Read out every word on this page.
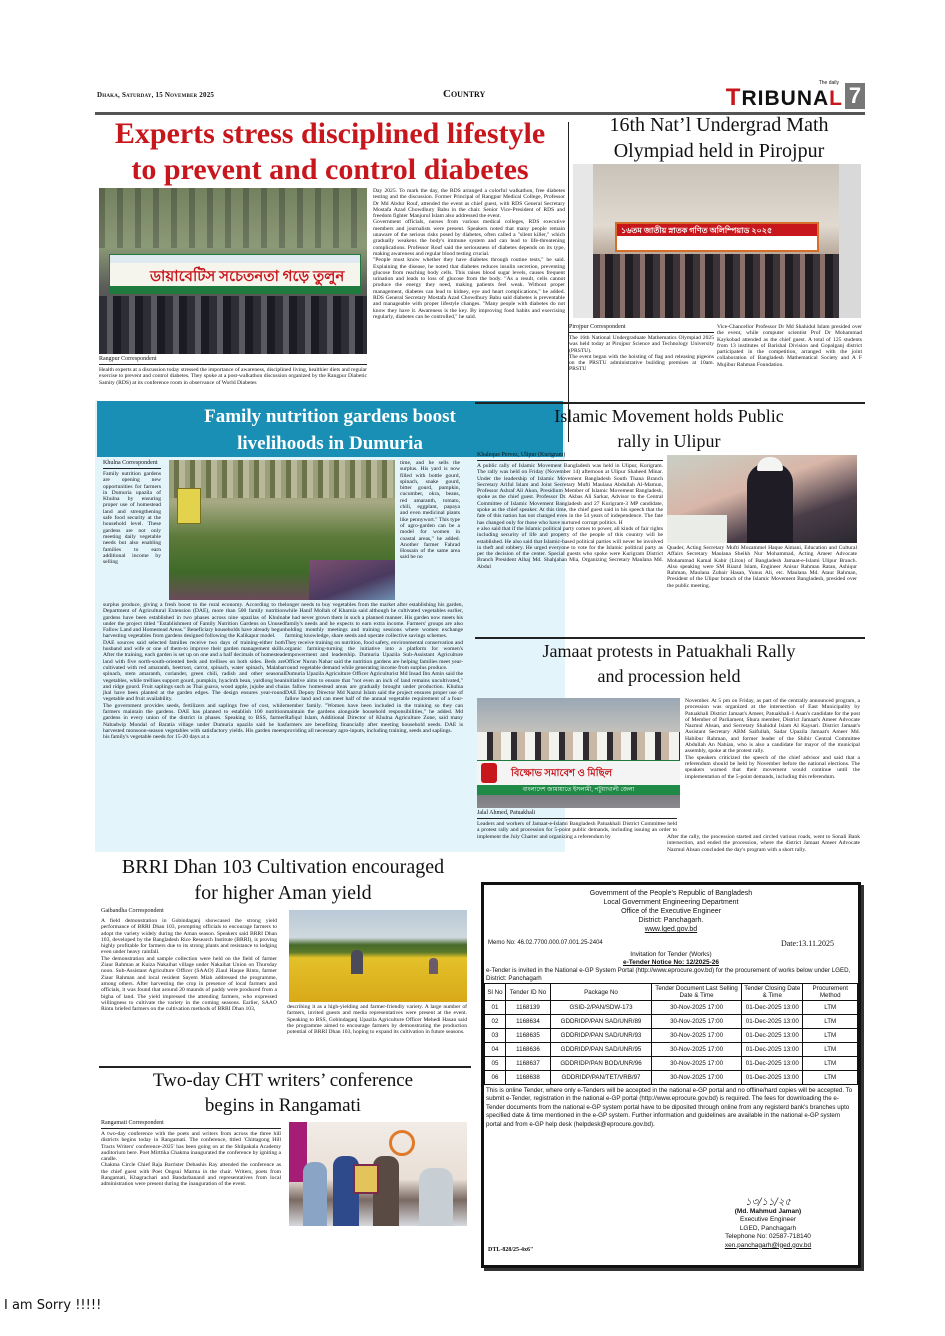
Dhaka, Saturday, 15 November 2025	Country
The daily
TRIBUNAL 7
Experts stress disciplined lifestyle
to prevent and control diabetes
ডায়াবেটিস সচেতনতা গড়ে তুলুন
Rangpur Correspondent
Health experts at a discussion today stressed the importance of awareness, disciplined living, healthier diets and regular exercise to prevent and control diabetes. They spoke at a post-walkathon discussion organized by the Rangpur Diabetic Samity (RDS) at its conference room in observance of World Diabetes

Day 2025. To mark the day, the RDS arranged a colorful walkathon, free diabetes testing and the discussion. Former Principal of Rangpur Medical College, Professor Dr Md Abdur Rouf, attended the event as chief guest, with RDS General Secretary Mostafa Azad Chowdhury Babu in the chair. Senior Vice-President of RDS and freedom fighter Manjurul Islam also addressed the event.

Government officials, nurses from various medical colleges, RDS executive members and journalists were present. Speakers noted that many people remain unaware of the serious risks posed by diabetes, often called a "silent killer," which gradually weakens the body's immune system and can lead to life-threatening complications. Professor Rouf said the seriousness of diabetes depends on its type, making awareness and regular blood testing crucial.

"People must know whether they have diabetes through routine tests," he said. Explaining the disease, he noted that diabetes reduces insulin secretion, preventing glucose from reaching body cells. This raises blood sugar levels, causes frequent urination and leads to loss of glucose from the body. "As a result, cells cannot produce the energy they need, making patients feel weak. Without proper management, diabetes can lead to kidney, eye and heart complications," he added. RDS General Secretary Mostafa Azad Chowdhury Babu said diabetes is preventable and manageable with proper lifestyle changes. "Many people with diabetes do not know they have it. Awareness is the key. By improving food habits and exercising regularly, diabetes can be controlled," he said.

16th Nat’l Undergrad Math
Olympiad held in Pirojpur
১৬তম জাতীয় স্নাতক গণিত অলিম্পিয়াড ২০২৫
Pirojpur Correspondent

The 16th National Undergraduate Mathematics Olympiad 2025 was held today at Pirojpur Science and Technology University (PRSTU).

The event began with the hoisting of flag and releasing pigeons on the PRSTU administrative building premises at 10am. PRSTU

Vice-Chancellor Professor Dr Md Shahidul Islam presided over the event, while computer scientist Prof Dr Mohammad Kaykobad attended as the chief guest. A total of 125 students from 13 institutes of Barishal Division and Gopalganj district participated in the competition, arranged with the joint collaboration of Bangladesh Mathematical Society and A F Mujibur Rahman Foundation.
Family nutrition gardens boost
livelihoods in Dumuria
Khulna Correspondent
Family nutrition gardens are opening new opportunities for farmers in Dumuria upazila of Khulna by ensuring proper use of homestead land and strengthening safe food security at the household level. These gardens are not only meeting daily vegetable needs but also enabling families to earn additional income by selling
time, and he sells the surplus. His yard is now filled with bottle gourd, spinach, snake gourd, bitter gourd, pumpkin, cucumber, okra, beans, red amaranth, tomato, chili, eggplant, papaya and even medicinal plants like pennywort." This type of agro-garden can be a model for women in coastal areas," he added. Another farmer Fahrad Hossain of the same area said he no

surplus produce, giving a fresh boost to the rural economy. According to the Department of Agricultural Extension (DAE), more than 500 family nutrition gardens have been established in two phases across nine upazilas of Khulna under the project titled "Establishment of Family Nutrition Gardens on Unused Fallow Land and Homestead Areas." Beneficiary households have already begun harvesting vegetables from gardens designed following the Kalikapur model.

DAE sources said selected families receive two days of training-either both husband and wife or one of them-to improve their garden management skills. After the training, each garden is set up on one and a half decimals of homestead land with five north-south-oriented beds and trellises on both sides. Beds are cultivated with red amaranth, beetroot, carrot, spinach, water spinach, Malabar spinach, stem amaranth, coriander, green chili, radish and other seasonal vegetables, while trellises support gourd, pumpkin, hyacinth bean, yardlong bean and ridge gourd. Fruit saplings such as Thai guava, wood apple, jujube and chui jhal have been planted at the garden edges. The design ensures year-round vegetable and fruit availability.

The government provides seeds, fertilizers and saplings free of cost, while farmers maintain the gardens. DAE has planned to establish 100 nutrition gardens in every union of the district in phases. Speaking to BSS, farmer Nabadwip Mondal of Baratia village under Dumuria upazila said he has harvested monsoon-season vegetables with satisfactory yields. His garden meets his family's vegetable needs for 15-20 days at a

longer needs to buy vegetables from the market after establishing his garden, while Hanif Mollah of Kharnia said although he cultivated vegetables earlier, he had never grown them in such a planned manner. His garden now meets his family's needs and he expects to earn extra income. Farmers' groups are also holding monthly meetings and training sessions where women exchange farming knowledge, share seeds and operate collective savings schemes.

They receive training on nutrition, food safety, environmental conservation and organic farming-turning the initiative into a platform for women's empowerment and leadership. Dumuria Upazila Sub-Assistant Agriculture Officer Nurun Nahar said the nutrition gardens are helping families meet year-round vegetable demand while generating income from surplus produce.

Dumuria Upazila Agriculture Officer Agriculturist Md Insad Ibn Amin said the initiative aims to ensure that "not even an inch of land remains uncultivated," as fallow homestead areas are gradually brought under production. Khulna DAE Deputy Director Md Nazrul Islam said the project ensures proper use of fallow land and can meet half of the annual vegetable requirement of a four-member family. "Women have been included in the training so they can maintain the gardens alongside household responsibilities," he added. Md Rafiqul Islam, Additional Director of Khulna Agriculture Zone, said many farmers are benefiting financially after meeting household needs. DAE is providing all necessary agro-inputs, including training, seeds and saplings.

Islamic Movement holds Public
rally in Ulipur
Khaleque Pervez, Ulipur (Kurigram)

A public rally of Islamic Movement Bangladesh was held in Ulipur, Kurigram. The rally was held on Friday (November 14) afternoon at Ulipur Shaheed Minar. Under the leadership of Islamic Movement Bangladesh South Thana Branch Secretary Ariful Islam and Joint Secretary Mufti Maulana Abdullah Al-Mamun, Professor Ashraf Ali Akon, Presidium Member of Islamic Movement Bangladesh, spoke as the chief guest. Professor Dr. Akbas Ali Sarkar, Advisor to the Central Committee of Islamic Movement Bangladesh and 27 Kurigram-3 MP candidate, spoke as the chief speaker. At this time, the chief guest said in his speech that the fate of this nation has not changed even in the 54 years of independence. The fate has changed only for those who have nurtured corrupt politics. H

e also said that if the Islamic political party comes to power, all kinds of fair rights including security of life and property of the people of this country will be established. He also said that Islamic-based political parties will never be involved in theft and robbery. He urged everyone to vote for the Islamic political party as per the decision of the center. Special guests who spoke were Kurigram District Branch President Alhaj Md. Shahjahan Mia, Organizing Secretary Maulana Md. Abdul

Quader, Acting Secretary Mufti Mozammel Haque Aimani, Education and Cultural Affairs Secretary Maulana Sheikh Nur Mohammad, Acting Ameer Advocate Mohammad Kamal Kabir (Liton) of Bangladesh Jamaat-e-Islami Ulipur Branch. Also speaking were SM Riazul Islam, Engineer Anisur Rahman Ratan, Ashiqur Rahman, Maulana Zubair Hasan, Yunus Ali, etc. Maulana Md. Ataur Rahman, President of the Ulipur branch of the Islamic Movement Bangladesh, presided over the public meeting.
Jamaat protests in Patuakhali Rally
and procession held
বিক্ষোভ সমাবেশ ও মিছিল
বাংলাদেশ জামায়াতে ইসলামী, পটুয়াখালী জেলা
Jalal Ahmed, Patuakhali
Leaders and workers of Jamaat-e-Islami Bangladesh Patuakhali District Committee held a protest rally and procession for 5-point public demands, including issuing an order to implement the July Charter and organizing a referendum by

November. At 5 pm on Friday, as part of the centrally announced program, a procession was organized at the intersection of East Municipality by Patuakhali District Jamaat's Ameer, Patuakhali-1 Asan's candidate for the post of Member of Parliament, Shura member, District Jamaat's Ameer Advocate Nazmul Ahsan, and Secretary Shahidul Islam Al Kaysari. District Jamaat's Assistant Secretary ABM Saifullah, Sadar Upazila Jamaat's Ameer Md. Habibur Rahman, and former leader of the Shibir Central Committee Abdullah An Nahian, who is also a candidate for mayor of the municipal assembly, spoke at the protest rally.

The speakers criticized the speech of the chief advisor and said that a referendum should be held by November before the national elections. The speakers warned that their movement would continue until the implementation of the 5-point demands, including this referendum.

After the rally, the procession started and circled various roads, went to Sonali Bank intersection, and ended the procession, where the district Jamaat Ameer Advocate Nazmul Ahsan concluded the day's program with a short rally.
BRRI Dhan 103 Cultivation encouraged
for higher Aman yield
Gaibandha Correspondent

A field demonstration in Gobindaganj showcased the strong yield performance of BRRI Dhan 103, prompting officials to encourage farmers to adopt the variety widely during the Aman season. Speakers said BRRI Dhan 103, developed by the Bangladesh Rice Research Institute (BRRI), is proving highly profitable for farmers due to its strong plants and resistance to lodging even under heavy rainfall.

The demonstration and sample collection were held on the field of farmer Ziaur Rahman at Kuiza Nakaihat village under Nakaihat Union on Thursday noon. Sub-Assistant Agriculture Officer (SAAO) Ziaul Haque Rintu, farmer Ziaur Rahman and local resident Sayem Miah addressed the programme, among others. After harvesting the crop in presence of local farmers and officials, it was found that around 20 maunds of paddy were produced from a bigha of land. The yield impressed the attending farmers, who expressed willingness to cultivate the variety in the coming seasons. Earlier, SAAO Rintu briefed farmers on the cultivation methods of BRRI Dhan 103,	describing it as a high-yielding and farmer-friendly variety. A large number of farmers, invited guests and media representatives were present at the event. Speaking to BSS, Gobindaganj Upazila Agriculture Officer Mehedi Hasan said the programme aimed to encourage farmers by demonstrating the production potential of BRRI Dhan 103, hoping to expand its cultivation in future seasons.
Two-day CHT writers’ conference
begins in Rangamati
Rangamati Correspondent

A two-day conference with the poets and writers from across the three hill districts begins today in Rangamati. The conference, titled 'Chittagong Hill Tracts Writers' conference-2025' has been going on at the Shilpakala Academy auditorium here. Poet Mirttika Chakma inaugurated the conference by igniting a candle.

Chakma Circle Chief Raja Barrister Debashis Ray attended the conference as the chief guest with Poet Ongsui Marma in the chair. Writers, poets from Rangamati, Khagrachari and Bandarbanand and representatives from local administration were present during the inauguration of the event.

Government of the People's Republic of Bangladesh
Local Government Engineering Department
Office of the Executive Engineer
District: Panchagarh.
www.lged.gov.bd
Memo No: 46.02.7700.000.07.001.25-2404	Date:13.11.2025
Invitation for Tender (Works)
e-Tender Notice No: 12/2025-26
e-Tender is invited in the National e-GP System Portal (http://www.eprocure.gov.bd) for the procurement of works below under LGED, District: Panchagarh
Sl No	Tender ID No	Package No	Tender Document Last Selling Date & Time	Tender Closing Date & Time	Procurement Method
01	1168139	GSID-2/PAN/SDW-173	30-Nov-2025 17:00	01-Dec-2025 13:00	LTM
02	1168634	GDDRIDP/PAN SAD/UNR/89	30-Nov-2025 17:00	01-Dec-2025 13:00	LTM
03	1168635	GDDRIDP/PAN SAD/UNR/93	30-Nov-2025 17:00	01-Dec-2025 13:00	LTM
04	1168636	GDDRIDP/PAN SAD/UNR/95	30-Nov-2025 17:00	01-Dec-2025 13:00	LTM
05	1168637	GDDRIDP/PAN BOD/UNR/96	30-Nov-2025 17:00	01-Dec-2025 13:00	LTM
06	1168638	GDDRIDP/PAN/TET/VRB/97	30-Nov-2025 17:00	01-Dec-2025 13:00	LTM
This is online Tender, where only e-Tenders will be accepted in the national e-GP portal and no offline/hard copies will be accepted. To submit e-Tender, registration in the national e-GP portal (http://www.eprocure.gov.bd) is required. The fees for downloading the e-Tender documents from the national e-GP system portal have to be diposited through online from any registerd bank's branches upto specified date & time mentioned in the e-GP system. Further information and guidelines are available in the national e-GP system portal and from e-GP help desk (helpdesk@eprocure.gov.bd).
১৩/১১/২৫
(Md. Mahmud Jaman)
Executive Engineer
LGED, Panchagarh
Telephone No: 02587-718140
xen.panchagarh@lged.gov.bd
DTL-828/25-4x6"
I am Sorry !!!!!
